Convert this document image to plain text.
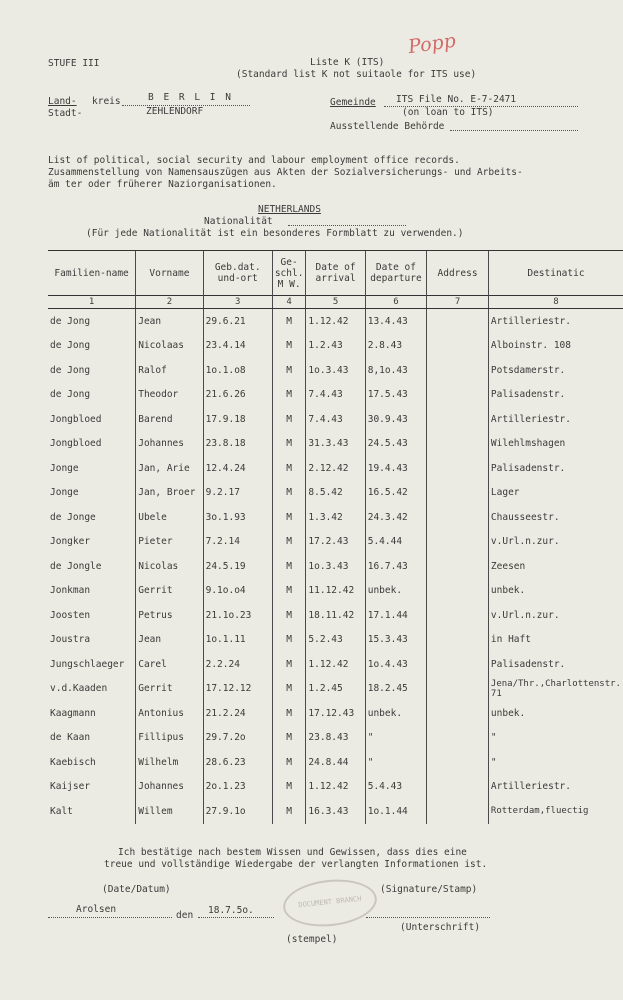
STUFE III	Liste K (ITS)
(Standard list K not suitaole for ITS use)
Popp
Land- kreis	B E R L I N
Stadt-	ZEHLENDORF
Gemeinde ITS File No. E-7-2471
(on loan to ITS)
Ausstellende Behörde
List of political, social security and labour employment office records.
Zusammenstellung von Namensauszügen aus Akten der Sozialversicherungs- und Arbeits-
äm ter oder früherer Naziorganisationen.
NETHERLANDS
Nationalität
(Für jede Nationalität ist ein besonderes Formblatt zu verwenden.)
Familien-name	Vorname	Geb.dat. und-ort	Ge-schl. M W.	Date of arrival	Date of departure	Address	Destinatic
1	2	3	4	5	6	7	8
de Jong	Jean	29.6.21	M	1.12.42	13.4.43		Artilleriestr.
de Jong	Nicolaas	23.4.14	M	1.2.43	2.8.43		Alboinstr. 108
de Jong	Ralof	1o.1.o8	M	1o.3.43	8,1o.43		Potsdamerstr.
de Jong	Theodor	21.6.26	M	7.4.43	17.5.43		Palisadenstr.
Jongbloed	Barend	17.9.18	M	7.4.43	30.9.43		Artilleriestr.
Jongbloed	Johannes	23.8.18	M	31.3.43	24.5.43		Wilehlmshagen
Jonge	Jan, Arie	12.4.24	M	2.12.42	19.4.43		Palisadenstr.
Jonge	Jan, Broer	9.2.17	M	8.5.42	16.5.42		Lager
de Jonge	Ubele	3o.1.93	M	1.3.42	24.3.42		Chausseestr.
Jongker	Pieter	7.2.14	M	17.2.43	5.4.44		v.Url.n.zur.
de Jongle	Nicolas	24.5.19	M	1o.3.43	16.7.43		Zeesen
Jonkman	Gerrit	9.1o.o4	M	11.12.42	unbek.		unbek.
Joosten	Petrus	21.1o.23	M	18.11.42	17.1.44		v.Url.n.zur.
Joustra	Jean	1o.1.11	M	5.2.43	15.3.43		in Haft
Jungschlaeger	Carel	2.2.24	M	1.12.42	1o.4.43		Palisadenstr.
v.d.Kaaden	Gerrit	17.12.12	M	1.2.45	18.2.45		Jena/Thr.,Charlottenstr. 71
Kaagmann	Antonius	21.2.24	M	17.12.43	unbek.		unbek.
de Kaan	Fillipus	29.7.2o	M	23.8.43	"		"
Kaebisch	Wilhelm	28.6.23	M	24.8.44	"		"
Kaijser	Johannes	2o.1.23	M	1.12.42	5.4.43		Artilleriestr.
Kalt	Willem	27.9.1o	M	16.3.43	1o.1.44		Rotterdam,fluectig
Ich bestätige nach bestem Wissen und Gewissen, dass dies eine
treue und vollständige Wiedergabe der verlangten Informationen ist.
(Date/Datum)	(Signature/Stamp)
Arolsen
den 18.7.5o.
(Unterschrift)
(stempel)
DOCUMENT BRANCH
